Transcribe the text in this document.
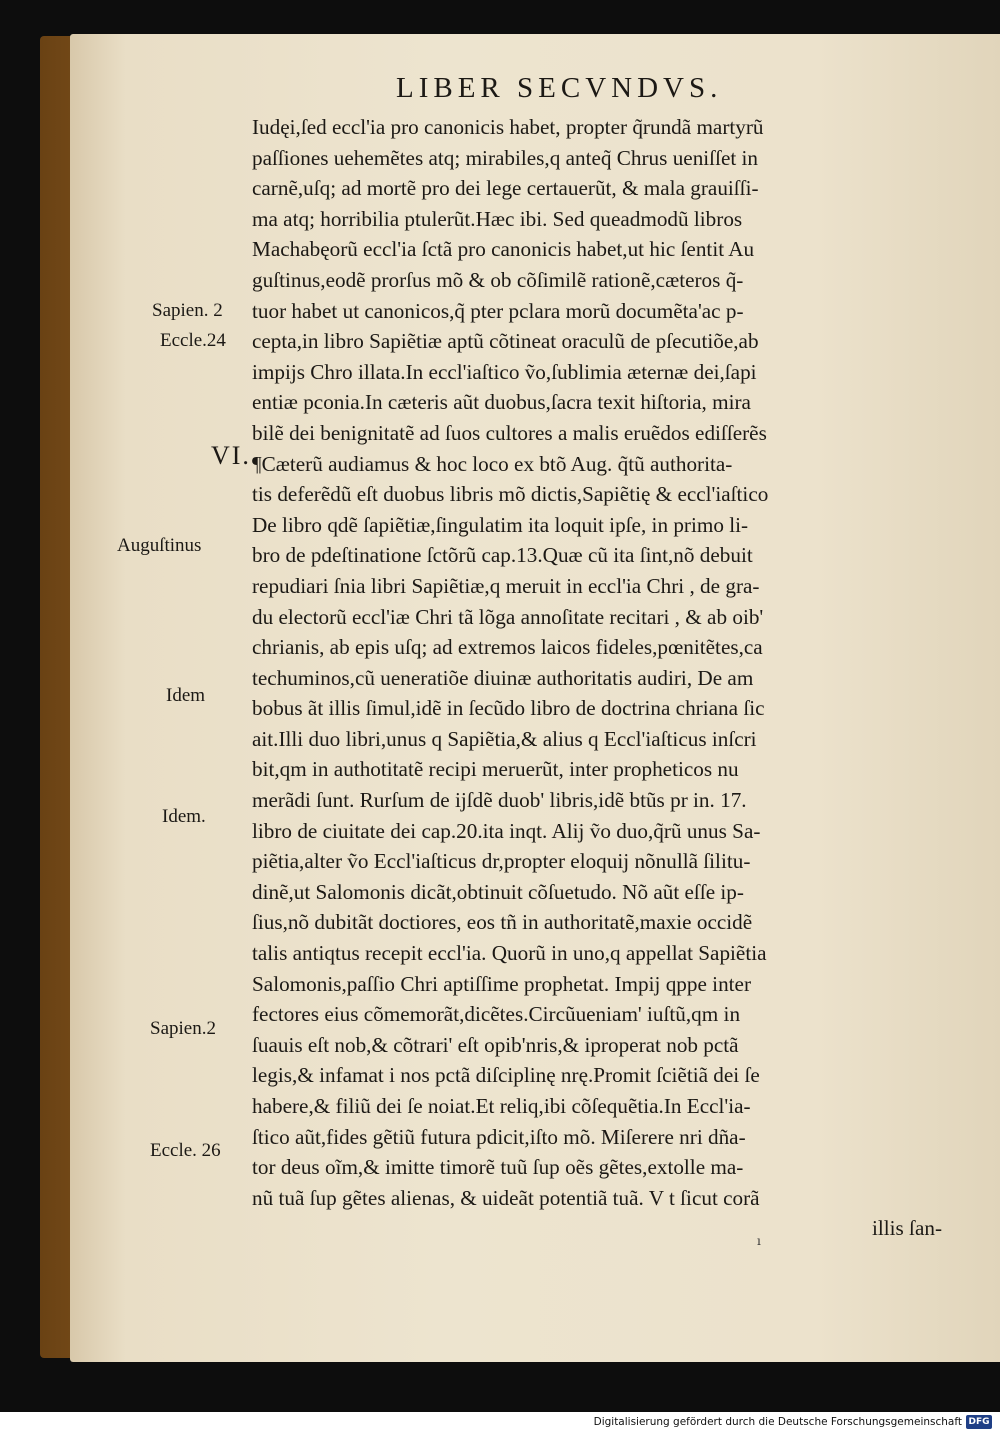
LIBER SECVNDVS.
Iudęi,ſed eccl'ia pro canonicis habet, propter q̃rundã martyrũ
paſſiones uehemẽtes atq; mirabiles,q anteq̃ Chrus ueniſſet in
carnẽ,uſq; ad mortẽ pro dei lege certauerũt, & mala grauiſſi-
ma atq; horribilia ptulerũt.Hæc ibi. Sed queadmodũ libros
Machabęorũ eccl'ia ſctã pro canonicis habet,ut hic ſentit Au
guſtinus,eodẽ prorſus mõ & ob cõſimilẽ rationẽ,cæteros q̃-
tuor habet ut canonicos,q̃ pter pclara morũ documẽta'ac p-
cepta,in libro Sapiẽtiæ aptũ cõtineat oraculũ de pſecutiõe,ab
impijs Chro illata.In eccl'iaſtico ṽo,ſublimia æternæ dei,ſapi
entiæ pconia.In cæteris aũt duobus,ſacra texit hiſtoria, mira
bilẽ dei benignitatẽ ad ſuos cultores a malis eruẽdos ediſſerẽs
¶Cæterũ audiamus & hoc loco ex btõ Aug. q̃tũ authorita-
tis deferẽdũ eſt duobus libris mõ dictis,Sapiẽtię & eccl'iaſtico
De libro qdẽ ſapiẽtiæ,ſingulatim ita loquit ipſe, in primo li-
bro de pdeſtinatione ſctõrũ cap.13.Quæ cũ ita ſint,nõ debuit
repudiari ſnia libri Sapiẽtiæ,q meruit in eccl'ia Chri , de gra-
du electorũ eccl'iæ Chri tã lõga annoſitate recitari , & ab oib'
chrianis, ab epis uſq; ad extremos laicos fideles,pœnitẽtes,ca
techuminos,cũ ueneratiõe diuinæ authoritatis audiri, De am
bobus ãt illis ſimul,idẽ in ſecũdo libro de doctrina chriana ſic
ait.Illi duo libri,unus q Sapiẽtia,& alius q Eccl'iaſticus inſcri
bit,qm in authotitatẽ recipi meruerũt, inter propheticos nu
merãdi ſunt. Rurſum de ijſdẽ duob' libris,idẽ btũs pr in. 17.
libro de ciuitate dei cap.20.ita inqt. Alij ṽo duo,q̃rũ unus Sa-
piẽtia,alter ṽo Eccl'iaſticus dr,propter eloquij nõnullã ſilitu-
dinẽ,ut Salomonis dicãt,obtinuit cõſuetudo. Nõ aũt eſſe ip-
ſius,nõ dubitãt doctiores, eos tñ in authoritatẽ,maxie occidẽ
talis antiqtus recepit eccl'ia. Quorũ in uno,q appellat Sapiẽtia
Salomonis,paſſio Chri aptiſſime prophetat. Impij qppe inter
fectores eius cõmemorãt,dicẽtes.Circũueniam' iuſtũ,qm in
ſuauis eſt nob,& cõtrari' eſt opib'nris,& iproperat nob pctã
legis,& infamat i nos pctã diſciplinę nrę.Promit ſciẽtiã dei ſe
habere,& filiũ dei ſe noiat.Et reliq,ibi cõſequẽtia.In Eccl'ia-
ſtico aũt,fides gẽtiũ futura pdicit,iſto mõ. Miſerere nri dña-
tor deus oĩm,& imitte timorẽ tuũ ſup oẽs gẽtes,extolle ma-
nũ tuã ſup gẽtes alienas, & uideãt potentiã tuã. V t ſicut corã
illis ſan-
Sapien. 2
Eccle.24
VI.
Auguſtinus
Idem
Idem.
Sapien.2
Eccle. 26
ı
Digitalisierung gefördert durch die Deutsche Forschungsgemeinschaft DFG
